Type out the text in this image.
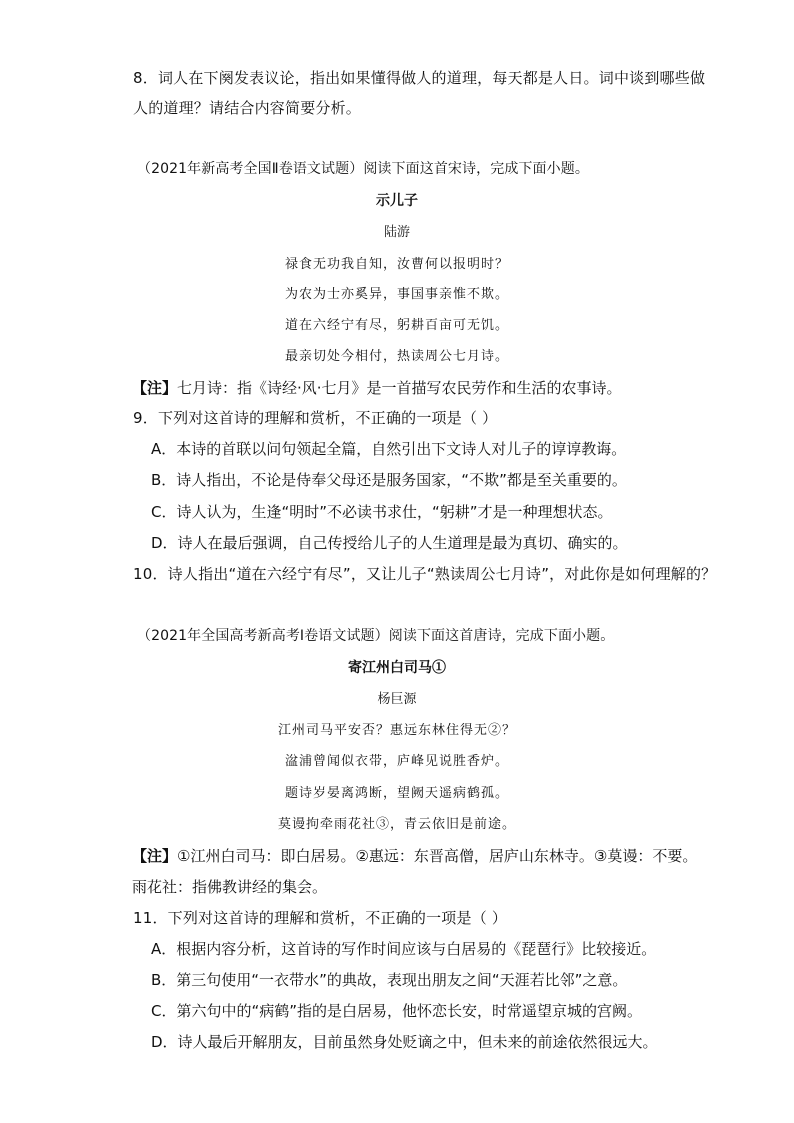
8．词人在下阕发表议论，指出如果懂得做人的道理，每天都是人日。词中谈到哪些做
人的道理？请结合内容简要分析。
（2021年新高考全国Ⅱ卷语文试题）阅读下面这首宋诗，完成下面小题。
示儿子
陆游
禄食无功我自知，汝曹何以报明时？
为农为士亦奚异，事国事亲惟不欺。
道在六经宁有尽，躬耕百亩可无饥。
最亲切处今相付，热读周公七月诗。
【注】七月诗：指《诗经·风·七月》是一首描写农民劳作和生活的农事诗。
9．下列对这首诗的理解和赏析，不正确的一项是（ ）
A．本诗的首联以问句领起全篇，自然引出下文诗人对儿子的谆谆教诲。
B．诗人指出，不论是侍奉父母还是服务国家，“不欺”都是至关重要的。
C．诗人认为，生逢“明时”不必读书求仕，“躬耕”才是一种理想状态。
D．诗人在最后强调，自己传授给儿子的人生道理是最为真切、确实的。
10．诗人指出“道在六经宁有尽”，又让儿子“熟读周公七月诗”，对此你是如何理解的？
（2021年全国高考新高考Ⅰ卷语文试题）阅读下面这首唐诗，完成下面小题。
寄江州白司马①
杨巨源
江州司马平安否？惠远东林住得无②？
湓浦曾闻似衣带，庐峰见说胜香炉。
题诗岁晏离鸿断，望阙天遥病鹤孤。
莫谩拘牵雨花社③，青云依旧是前途。
【注】①江州白司马：即白居易。②惠远：东晋高僧，居庐山东林寺。③莫谩：不要。
雨花社：指佛教讲经的集会。
11．下列对这首诗的理解和赏析，不正确的一项是（ ）
A．根据内容分析，这首诗的写作时间应该与白居易的《琵琶行》比较接近。
B．第三句使用“一衣带水”的典故，表现出朋友之间“天涯若比邻”之意。
C．第六句中的“病鹤”指的是白居易，他怀恋长安，时常遥望京城的宫阙。
D．诗人最后开解朋友，目前虽然身处贬谪之中，但未来的前途依然很远大。
